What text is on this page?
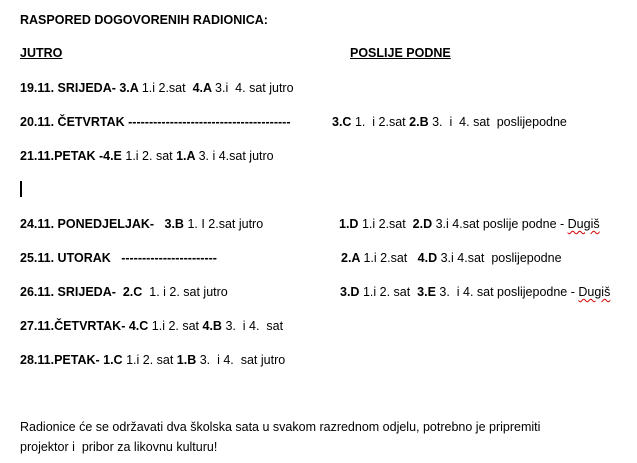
RASPORED DOGOVORENIH RADIONICA:
JUTRO	POSLIJE PODNE
19.11. SRIJEDA- 3.A 1.i 2.sat  4.A 3.i  4. sat jutro
20.11. ČETVRTAK ---------------------------------------	3.C 1.  i 2.sat 2.B 3.  i  4. sat  poslijepodne
21.11.PETAK -4.E 1.i 2. sat 1.A 3. i 4.sat jutro
24.11. PONEDJELJAK-   3.B 1. I 2.sat jutro	1.D 1.i 2.sat  2.D 3.i 4.sat poslije podne - Dugiš
25.11. UTORAK   -----------------------	2.A 1.i 2.sat   4.D 3.i 4.sat  poslijepodne
26.11. SRIJEDA-  2.C  1. i 2. sat jutro	3.D 1.i 2. sat  3.E 3.  i 4. sat poslijepodne - Dugiš
27.11.ČETVRTAK- 4.C 1.i 2. sat 4.B 3.  i 4.  sat
28.11.PETAK- 1.C 1.i 2. sat 1.B 3.  i 4.  sat jutro
Radionice će se održavati dva školska sata u svakom razrednom odjelu, potrebno je pripremiti
projektor i  pribor za likovnu kulturu!
